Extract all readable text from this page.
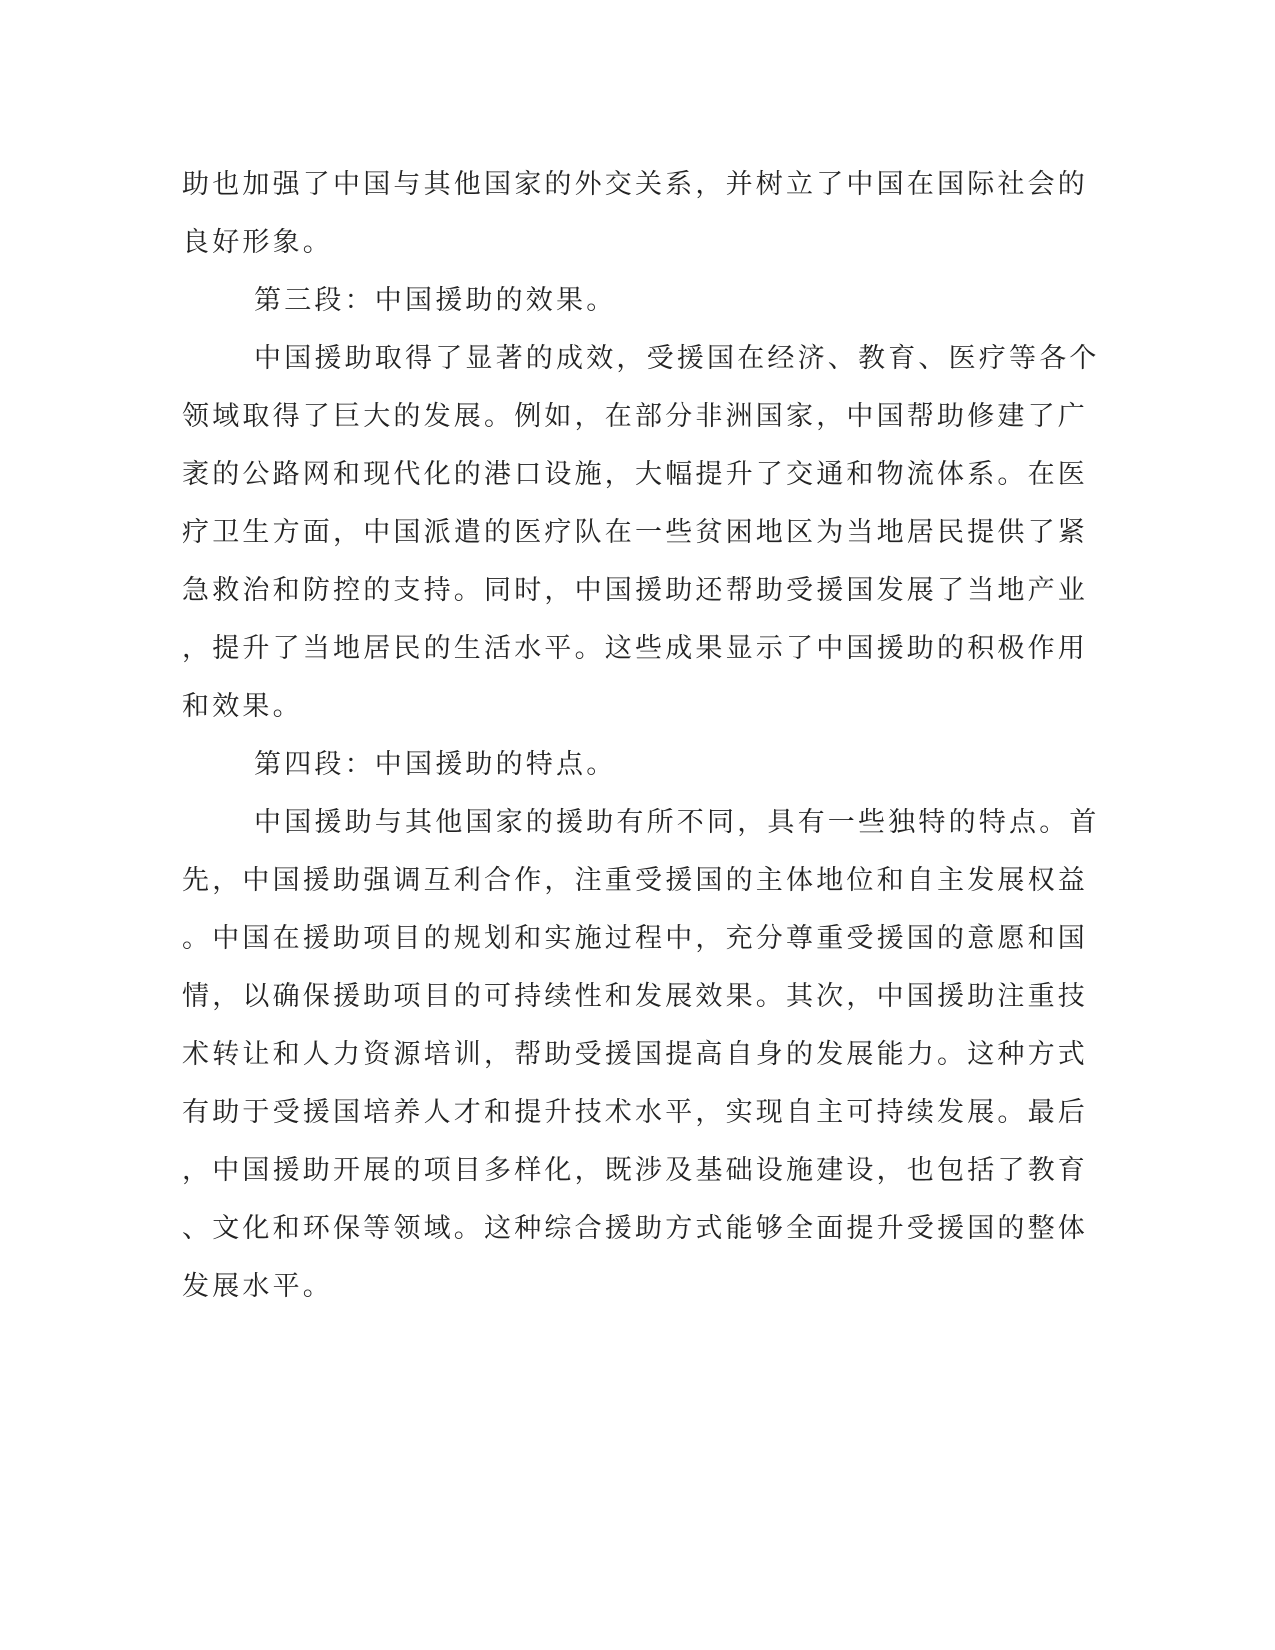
助也加强了中国与其他国家的外交关系，并树立了中国在国际社会的
良好形象。
第三段：中国援助的效果。
中国援助取得了显著的成效，受援国在经济、教育、医疗等各个
领域取得了巨大的发展。例如，在部分非洲国家，中国帮助修建了广
袤的公路网和现代化的港口设施，大幅提升了交通和物流体系。在医
疗卫生方面，中国派遣的医疗队在一些贫困地区为当地居民提供了紧
急救治和防控的支持。同时，中国援助还帮助受援国发展了当地产业
，提升了当地居民的生活水平。这些成果显示了中国援助的积极作用
和效果。
第四段：中国援助的特点。
中国援助与其他国家的援助有所不同，具有一些独特的特点。首
先，中国援助强调互利合作，注重受援国的主体地位和自主发展权益
。中国在援助项目的规划和实施过程中，充分尊重受援国的意愿和国
情，以确保援助项目的可持续性和发展效果。其次，中国援助注重技
术转让和人力资源培训，帮助受援国提高自身的发展能力。这种方式
有助于受援国培养人才和提升技术水平，实现自主可持续发展。最后
，中国援助开展的项目多样化，既涉及基础设施建设，也包括了教育
、文化和环保等领域。这种综合援助方式能够全面提升受援国的整体
发展水平。
